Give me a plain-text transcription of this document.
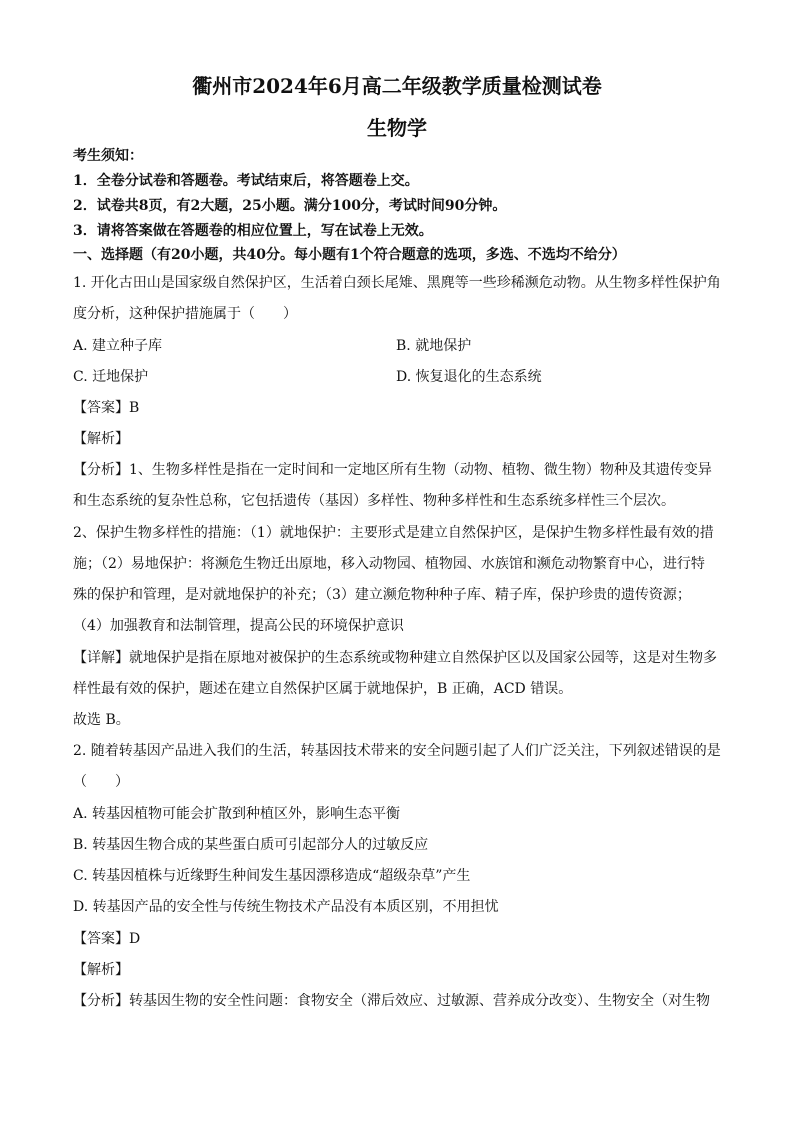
衢州市2024年6月高二年级教学质量检测试卷
生物学
考生须知：
1．全卷分试卷和答题卷。考试结束后，将答题卷上交。
2．试卷共8页，有2大题，25小题。满分100分，考试时间90分钟。
3．请将答案做在答题卷的相应位置上，写在试卷上无效。
一、选择题（有20小题，共40分。每小题有1个符合题意的选项，多选、不选均不给分）
1. 开化古田山是国家级自然保护区，生活着白颈长尾雉、黑麂等一些珍稀濒危动物。从生物多样性保护角
度分析，这种保护措施属于（　　）
A. 建立种子库	B. 就地保护
C. 迁地保护	D. 恢复退化的生态系统
【答案】B
【解析】
【分析】1、生物多样性是指在一定时间和一定地区所有生物（动物、植物、微生物）物种及其遗传变异
和生态系统的复杂性总称，它包括遗传（基因）多样性、物种多样性和生态系统多样性三个层次。
2、保护生物多样性的措施：（1）就地保护：主要形式是建立自然保护区，是保护生物多样性最有效的措
施；（2）易地保护：将濒危生物迁出原地，移入动物园、植物园、水族馆和濒危动物繁育中心，进行特
殊的保护和管理，是对就地保护的补充；（3）建立濒危物种种子库、精子库，保护珍贵的遗传资源；
（4）加强教育和法制管理，提高公民的环境保护意识
【详解】就地保护是指在原地对被保护的生态系统或物种建立自然保护区以及国家公园等，这是对生物多
样性最有效的保护，题述在建立自然保护区属于就地保护，B 正确，ACD 错误。
故选 B。
2. 随着转基因产品进入我们的生活，转基因技术带来的安全问题引起了人们广泛关注，下列叙述错误的是
（　　）
A. 转基因植物可能会扩散到种植区外，影响生态平衡
B. 转基因生物合成的某些蛋白质可引起部分人的过敏反应
C. 转基因植株与近缘野生种间发生基因漂移造成“超级杂草”产生
D. 转基因产品的安全性与传统生物技术产品没有本质区别，不用担忧
【答案】D
【解析】
【分析】转基因生物的安全性问题：食物安全（滞后效应、过敏源、营养成分改变）、生物安全（对生物
